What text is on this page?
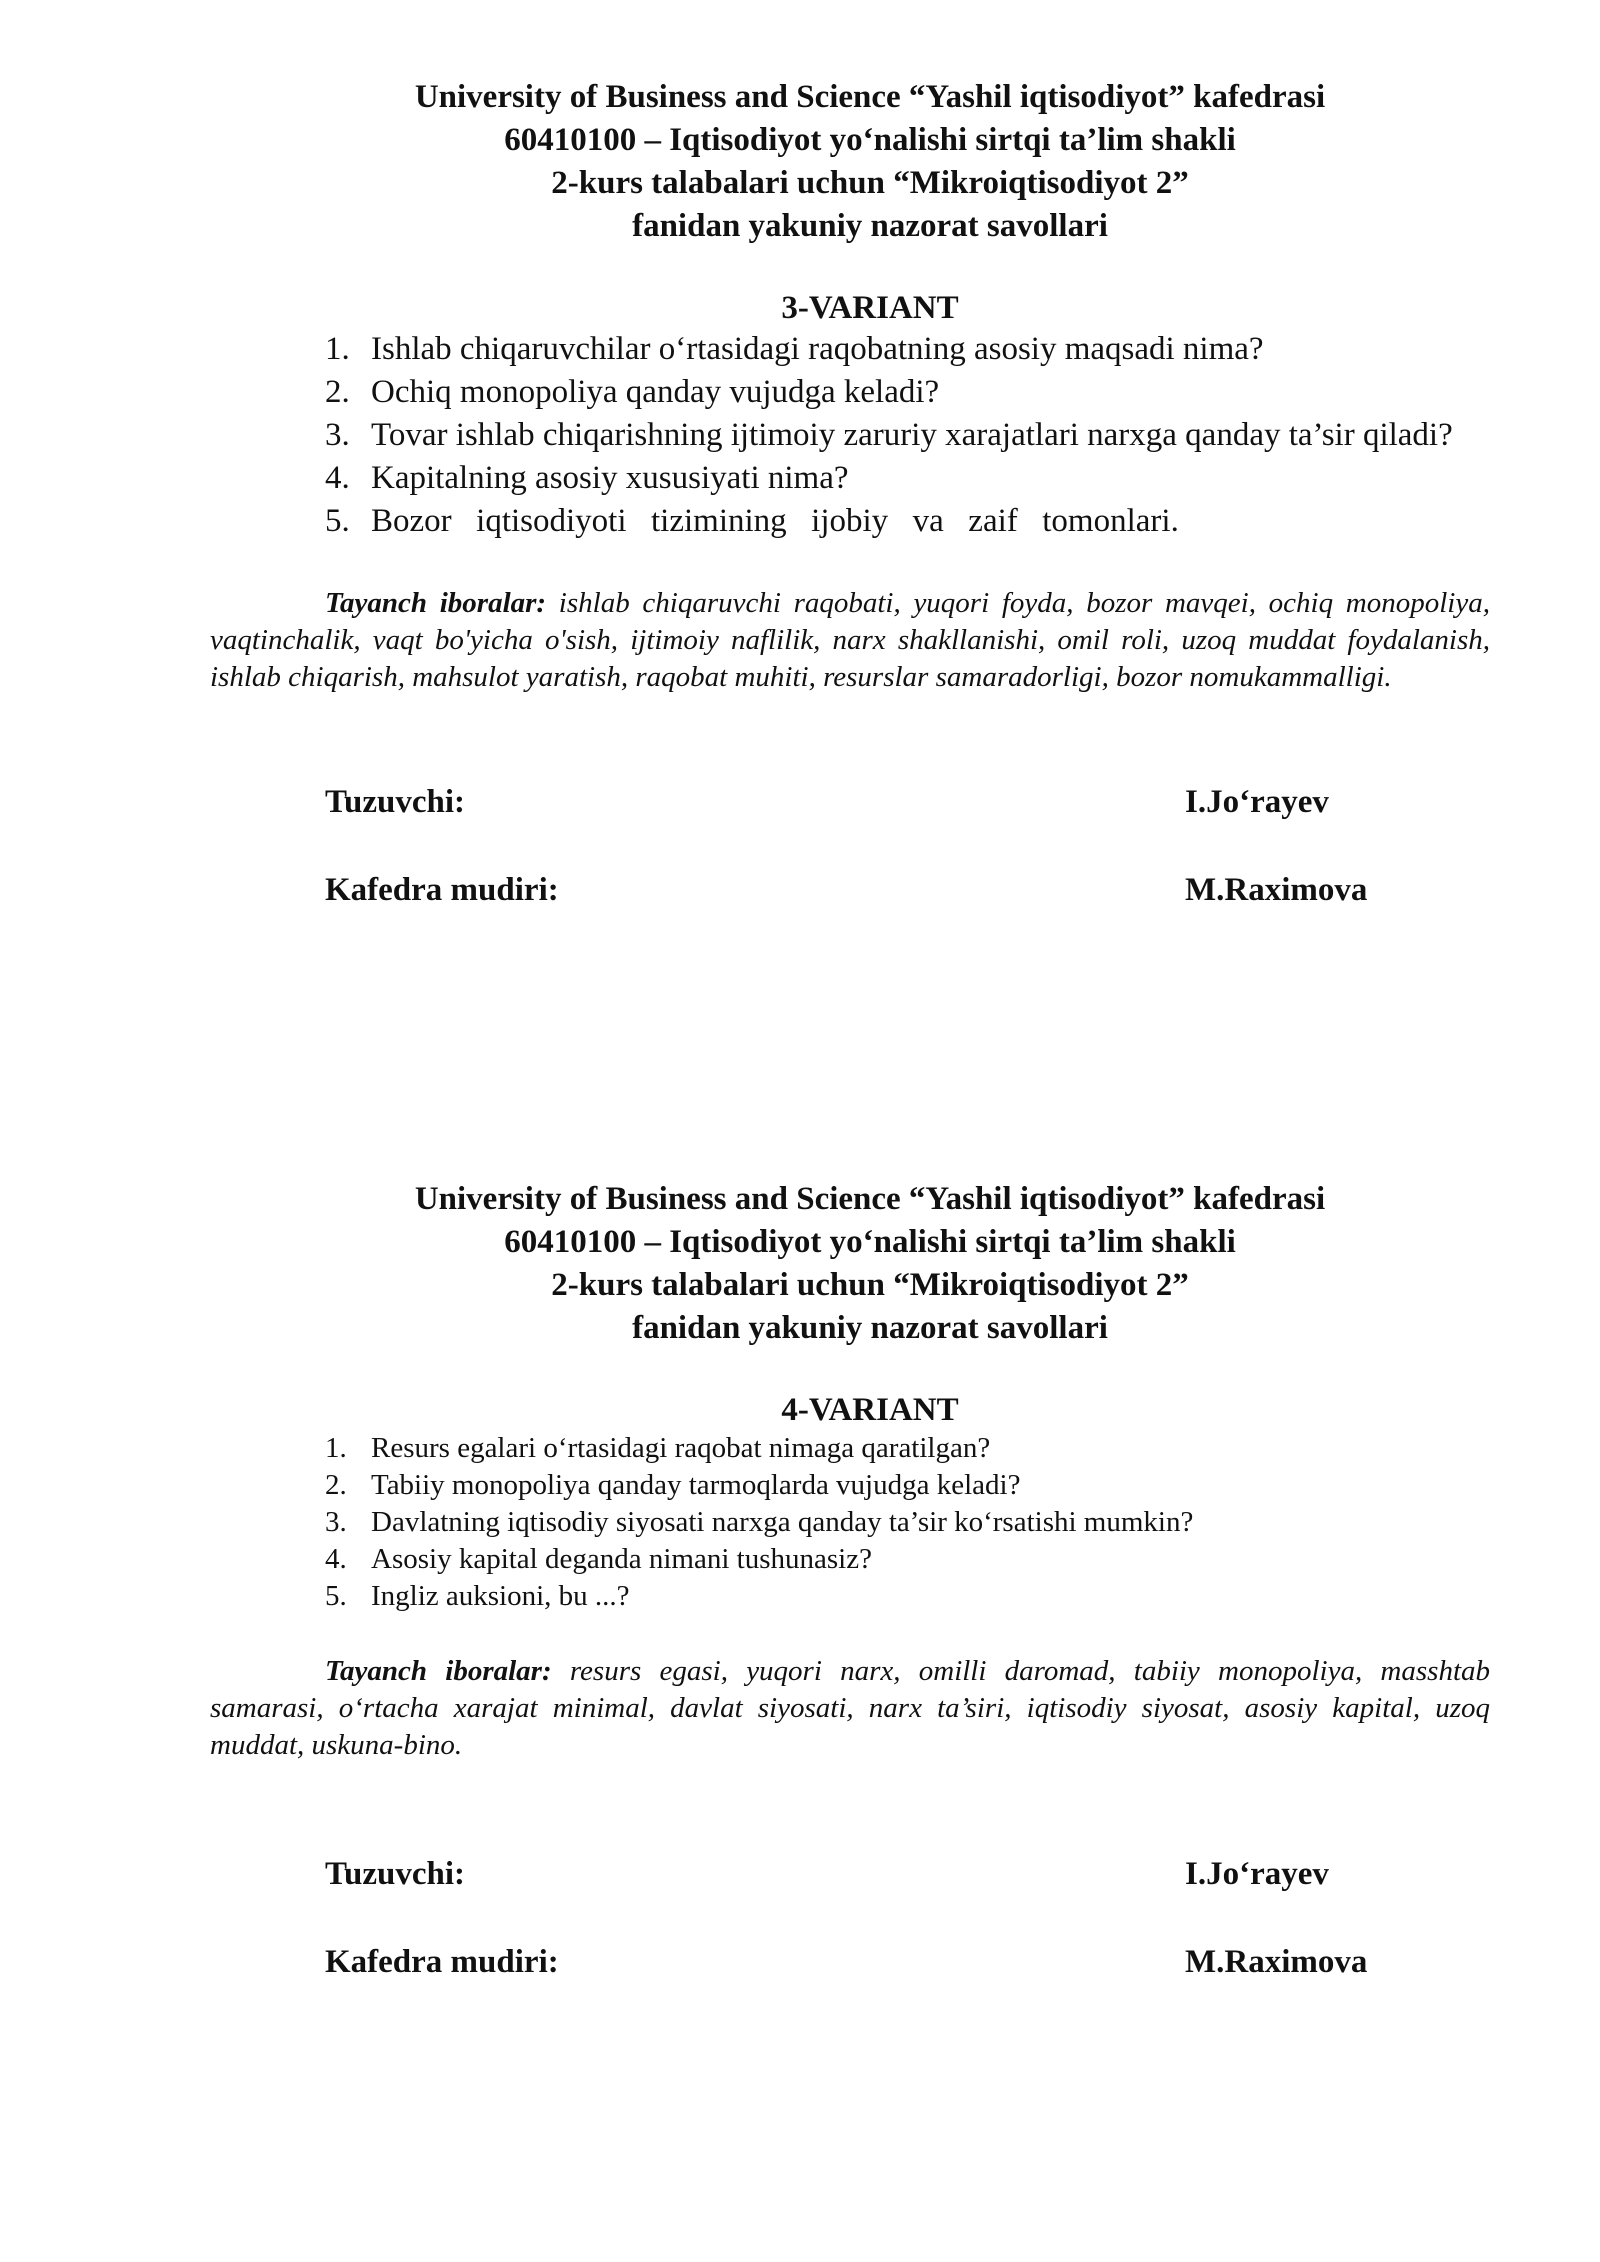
University of Business and Science “Yashil iqtisodiyot” kafedrasi
60410100 – Iqtisodiyot yo‘nalishi sirtqi ta’lim shakli
2-kurs talabalari uchun “Mikroiqtisodiyot 2”
fanidan yakuniy nazorat savollari
3-VARIANT
1. Ishlab chiqaruvchilar o‘rtasidagi raqobatning asosiy maqsadi nima?
2. Ochiq monopoliya qanday vujudga keladi?
3. Tovar ishlab chiqarishning ijtimoiy zaruriy xarajatlari narxga qanday ta’sir qiladi?
4. Kapitalning asosiy xususiyati nima?
5. Bozor  iqtisodiyoti  tizimining  ijobiy  va  zaif  tomonlari.

Tayanch iboralar: ishlab chiqaruvchi raqobati, yuqori foyda, bozor mavqei, ochiq monopoliya, vaqtinchalik, vaqt bo'yicha o'sish, ijtimoiy naflilik, narx shakllanishi, omil roli, uzoq muddat foydalanish, ishlab chiqarish, mahsulot yaratish, raqobat muhiti, resurslar samaradorligi, bozor nomukammalligi.

Tuzuvchi:	I.Jo‘rayev
Kafedra mudiri:	M.Raximova
University of Business and Science “Yashil iqtisodiyot” kafedrasi
60410100 – Iqtisodiyot yo‘nalishi sirtqi ta’lim shakli
2-kurs talabalari uchun “Mikroiqtisodiyot 2”
fanidan yakuniy nazorat savollari
4-VARIANT
1. Resurs egalari o‘rtasidagi raqobat nimaga qaratilgan?
2. Tabiiy monopoliya qanday tarmoqlarda vujudga keladi?
3. Davlatning iqtisodiy siyosati narxga qanday ta’sir ko‘rsatishi mumkin?
4. Asosiy kapital deganda nimani tushunasiz?
5. Ingliz auksioni, bu ...?

Tayanch iboralar: resurs egasi, yuqori narx, omilli daromad, tabiiy monopoliya, masshtab samarasi, o‘rtacha xarajat minimal, davlat siyosati, narx ta’siri, iqtisodiy siyosat, asosiy kapital, uzoq muddat, uskuna-bino.

Tuzuvchi:	I.Jo‘rayev
Kafedra mudiri:	M.Raximova
